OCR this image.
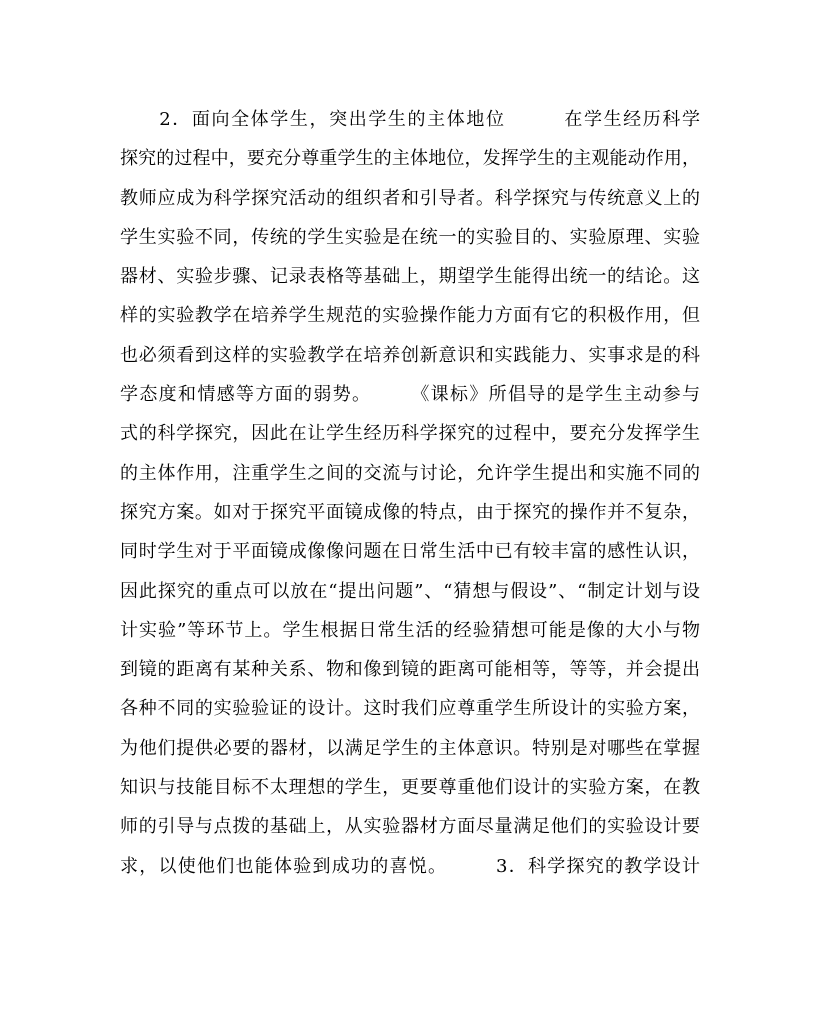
　　2．面向全体学生，突出学生的主体地位　　　在学生经历科学
探究的过程中，要充分尊重学生的主体地位，发挥学生的主观能动作用，
教师应成为科学探究活动的组织者和引导者。科学探究与传统意义上的
学生实验不同，传统的学生实验是在统一的实验目的、实验原理、实验
器材、实验步骤、记录表格等基础上，期望学生能得出统一的结论。这
样的实验教学在培养学生规范的实验操作能力方面有它的积极作用，但
也必须看到这样的实验教学在培养创新意识和实践能力、实事求是的科
学态度和情感等方面的弱势。　　　《课标》所倡导的是学生主动参与
式的科学探究，因此在让学生经历科学探究的过程中，要充分发挥学生
的主体作用，注重学生之间的交流与讨论，允许学生提出和实施不同的
探究方案。如对于探究平面镜成像的特点，由于探究的操作并不复杂，
同时学生对于平面镜成像像问题在日常生活中已有较丰富的感性认识，
因此探究的重点可以放在“提出问题”、“猜想与假设”、“制定计划与设
计实验”等环节上。学生根据日常生活的经验猜想可能是像的大小与物
到镜的距离有某种关系、物和像到镜的距离可能相等，等等，并会提出
各种不同的实验验证的设计。这时我们应尊重学生所设计的实验方案，
为他们提供必要的器材，以满足学生的主体意识。特别是对哪些在掌握
知识与技能目标不太理想的学生，更要尊重他们设计的实验方案，在教
师的引导与点拨的基础上，从实验器材方面尽量满足他们的实验设计要
求，以使他们也能体验到成功的喜悦。　　　3．科学探究的教学设计
